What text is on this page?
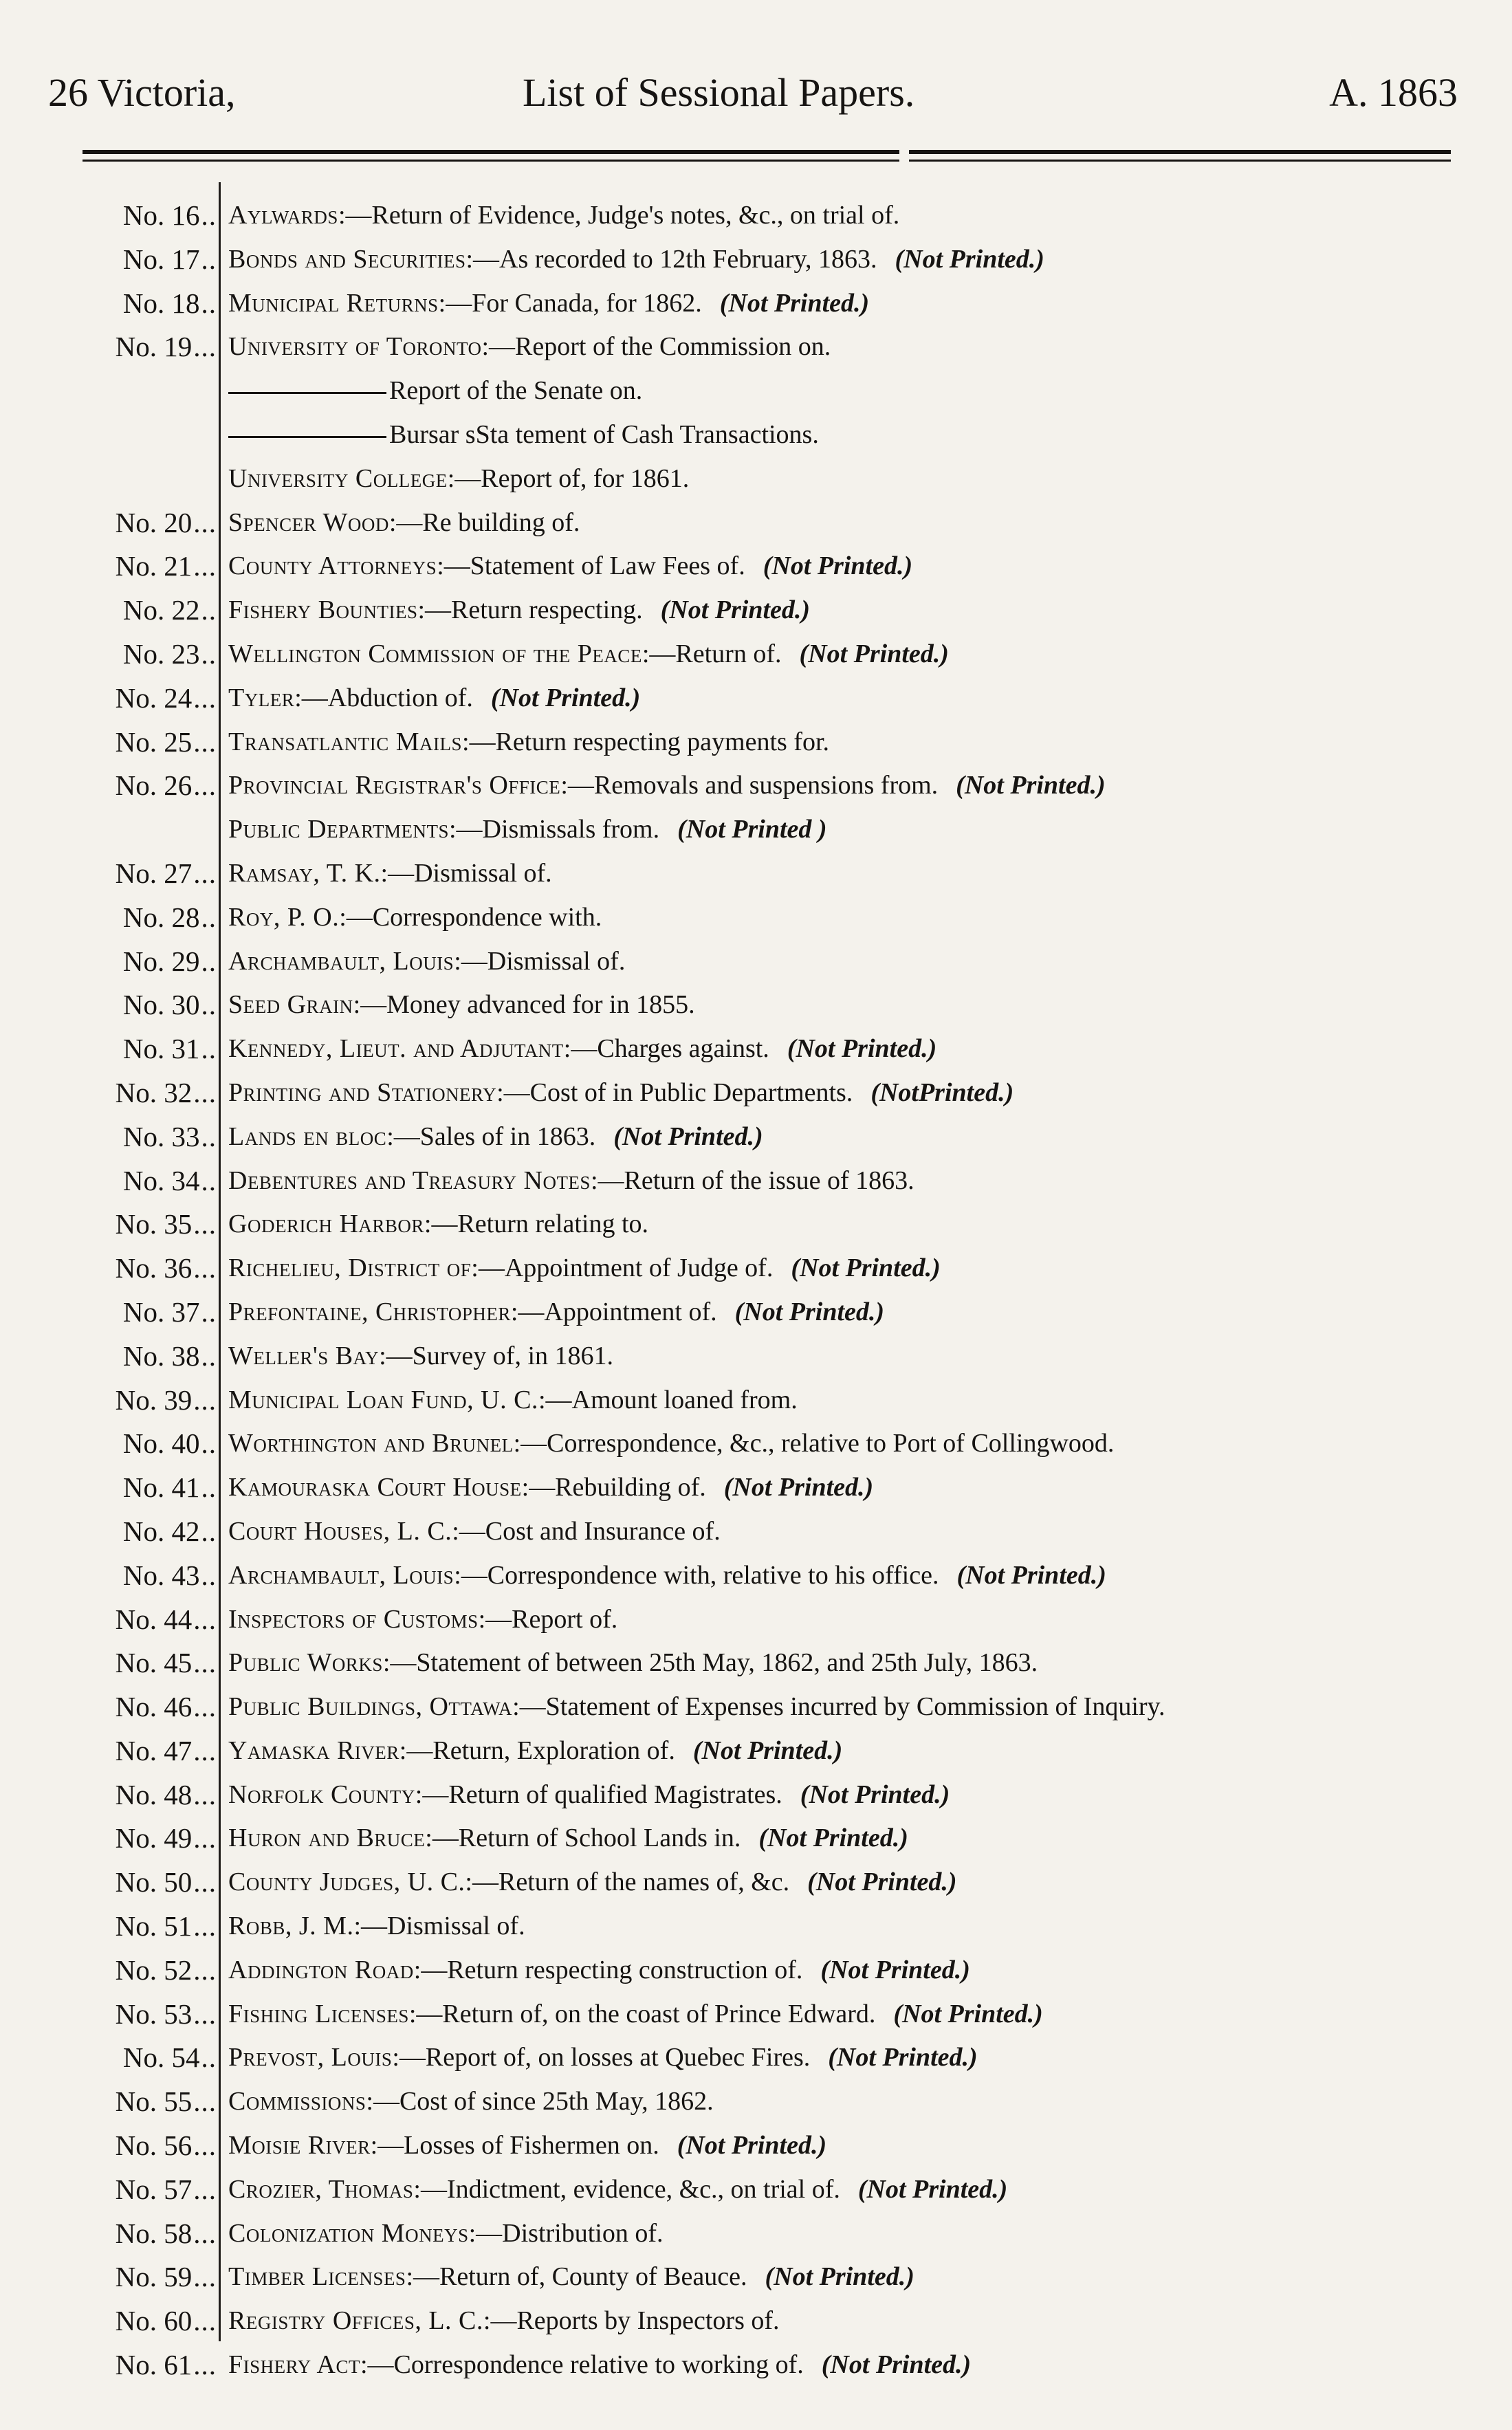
26 Victoria,	List of Sessional Papers.	A. 1863
No. 16.. Aylwards:—Return of Evidence, Judge's notes, &c., on trial of.
No. 17.. Bonds and Securities:—As recorded to 12th February, 1863. (Not Printed.)
No. 18.. Municipal Returns:—For Canada, for 1862. (Not Printed.)
No. 19... University of Toronto:—Report of the Commission on.
Report of the Senate on.
Bursar sSta tement of Cash Transactions.
University College:—Report of, for 1861.
No. 20... Spencer Wood:—Re building of.
No. 21... County Attorneys:—Statement of Law Fees of. (Not Printed.)
No. 22.. Fishery Bounties:—Return respecting. (Not Printed.)
No. 23.. Wellington Commission of the Peace:—Return of. (Not Printed.)
No. 24... Tyler:—Abduction of. (Not Printed.)
No. 25... Transatlantic Mails:—Return respecting payments for.
No. 26... Provincial Registrar's Office:—Removals and suspensions from. (Not Printed.)
Public Departments:—Dismissals from. (Not Printed )
No. 27... Ramsay, T. K.:—Dismissal of.
No. 28.. Roy, P. O.:—Correspondence with.
No. 29.. Archambault, Louis:—Dismissal of.
No. 30.. Seed Grain:—Money advanced for in 1855.
No. 31.. Kennedy, Lieut. and Adjutant:—Charges against. (Not Printed.)
No. 32... Printing and Stationery:—Cost of in Public Departments. (NotPrinted.)
No. 33.. Lands en bloc:—Sales of in 1863. (Not Printed.)
No. 34.. Debentures and Treasury Notes:—Return of the issue of 1863.
No. 35... Goderich Harbor:—Return relating to.
No. 36... Richelieu, District of:—Appointment of Judge of. (Not Printed.)
No. 37.. Prefontaine, Christopher:—Appointment of. (Not Printed.)
No. 38.. Weller's Bay:—Survey of, in 1861.
No. 39... Municipal Loan Fund, U. C.:—Amount loaned from.
No. 40.. Worthington and Brunel:—Correspondence, &c., relative to Port of Collingwood.
No. 41.. Kamouraska Court House:—Rebuilding of. (Not Printed.)
No. 42.. Court Houses, L. C.:—Cost and Insurance of.
No. 43.. Archambault, Louis:—Correspondence with, relative to his office. (Not Printed.)
No. 44... Inspectors of Customs:—Report of.
No. 45... Public Works:—Statement of between 25th May, 1862, and 25th July, 1863.
No. 46... Public Buildings, Ottawa:—Statement of Expenses incurred by Commission of Inquiry.
No. 47... Yamaska River:—Return, Exploration of. (Not Printed.)
No. 48... Norfolk County:—Return of qualified Magistrates. (Not Printed.)
No. 49... Huron and Bruce:—Return of School Lands in. (Not Printed.)
No. 50... County Judges, U. C.:—Return of the names of, &c. (Not Printed.)
No. 51... Robb, J. M.:—Dismissal of.
No. 52... Addington Road:—Return respecting construction of. (Not Printed.)
No. 53... Fishing Licenses:—Return of, on the coast of Prince Edward. (Not Printed.)
No. 54.. Prevost, Louis:—Report of, on losses at Quebec Fires. (Not Printed.)
No. 55... Commissions:—Cost of since 25th May, 1862.
No. 56... Moisie River:—Losses of Fishermen on. (Not Printed.)
No. 57... Crozier, Thomas:—Indictment, evidence, &c., on trial of. (Not Printed.)
No. 58... Colonization Moneys:—Distribution of.
No. 59... Timber Licenses:—Return of, County of Beauce. (Not Printed.)
No. 60... Registry Offices, L. C.:—Reports by Inspectors of.
No. 61... Fishery Act:—Correspondence relative to working of. (Not Printed.)
